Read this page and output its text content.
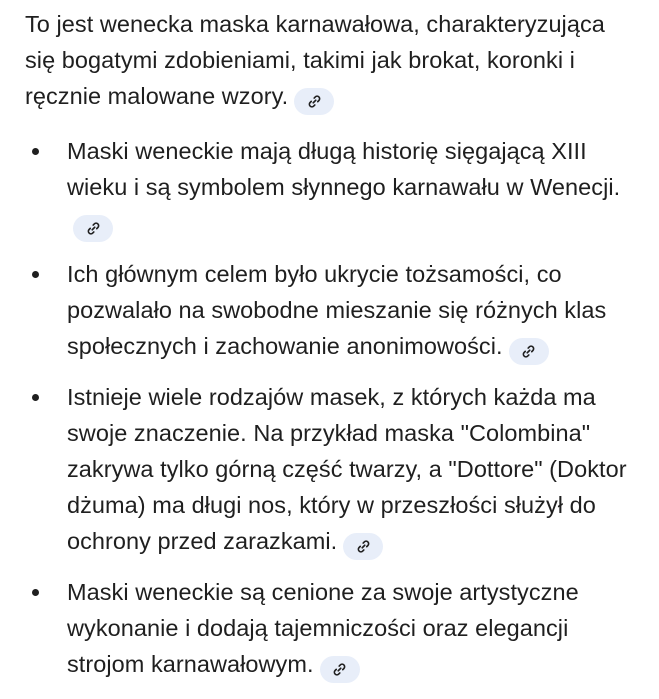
To jest wenecka maska karnawałowa, charakteryzująca się bogatymi zdobieniami, takimi jak brokat, koronki i ręcznie malowane wzory.

Maski weneckie mają długą historię sięgającą XIII wieku i są symbolem słynnego karnawału w Wenecji.
Ich głównym celem było ukrycie tożsamości, co pozwalało na swobodne mieszanie się różnych klas społecznych i zachowanie anonimowości.
Istnieje wiele rodzajów masek, z których każda ma swoje znaczenie. Na przykład maska "Colombina" zakrywa tylko górną część twarzy, a "Dottore" (Doktor dżuma) ma długi nos, który w przeszłości służył do ochrony przed zarazkami.
Maski weneckie są cenione za swoje artystyczne wykonanie i dodają tajemniczości oraz elegancji strojom karnawałowym.
